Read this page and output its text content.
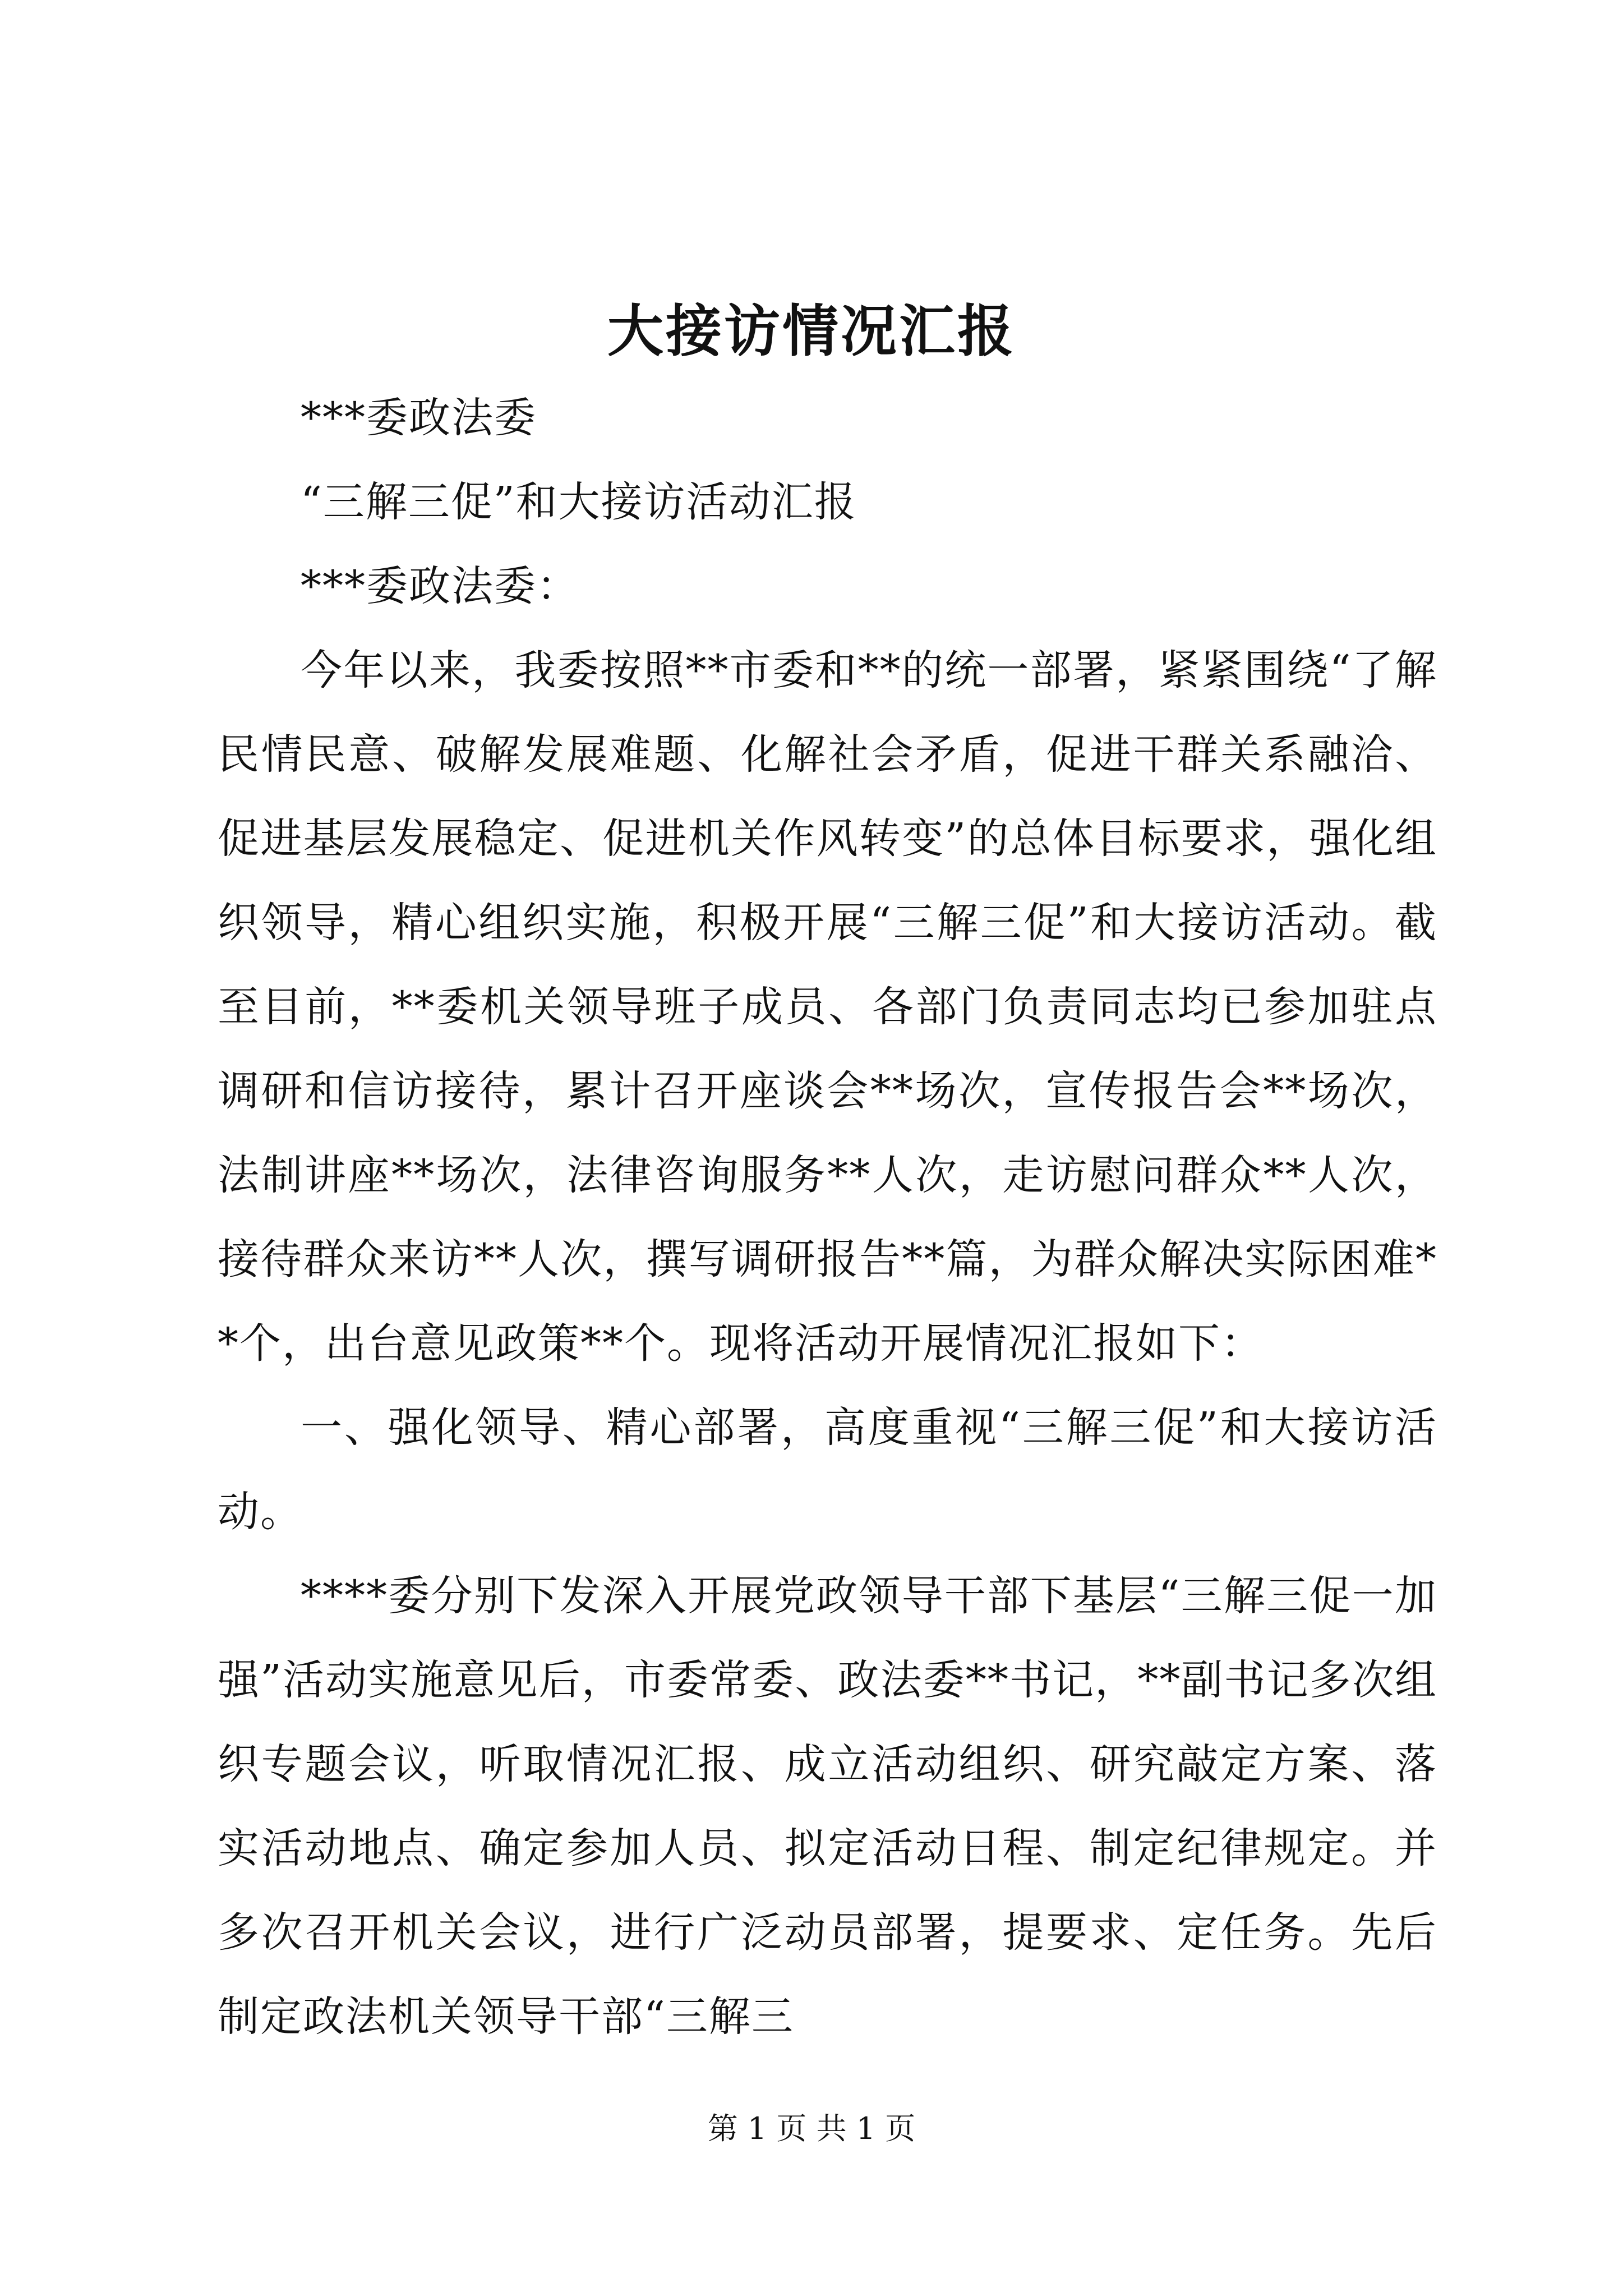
大接访情况汇报

***委政法委

“三解三促”和大接访活动汇报

***委政法委：

今年以来，我委按照**市委和**的统一部署，紧紧围绕“了解民情民意、破解发展难题、化解社会矛盾，促进干群关系融洽、促进基层发展稳定、促进机关作风转变”的总体目标要求，强化组织领导，精心组织实施，积极开展“三解三促”和大接访活动。截至目前，**委机关领导班子成员、各部门负责同志均已参加驻点调研和信访接待，累计召开座谈会**场次，宣传报告会**场次，法制讲座**场次，法律咨询服务**人次，走访慰问群众**人次，接待群众来访**人次，撰写调研报告**篇，为群众解决实际困难**个，出台意见政策**个。现将活动开展情况汇报如下：

一、强化领导、精心部署，高度重视“三解三促”和大接访活动。

****委分别下发深入开展党政领导干部下基层“三解三促一加强”活动实施意见后，市委常委、政法委**书记，**副书记多次组织专题会议，听取情况汇报、成立活动组织、研究敲定方案、落实活动地点、确定参加人员、拟定活动日程、制定纪律规定。并多次召开机关会议，进行广泛动员部署，提要求、定任务。先后制定政法机关领导干部“三解三

第 1 页 共 1 页
